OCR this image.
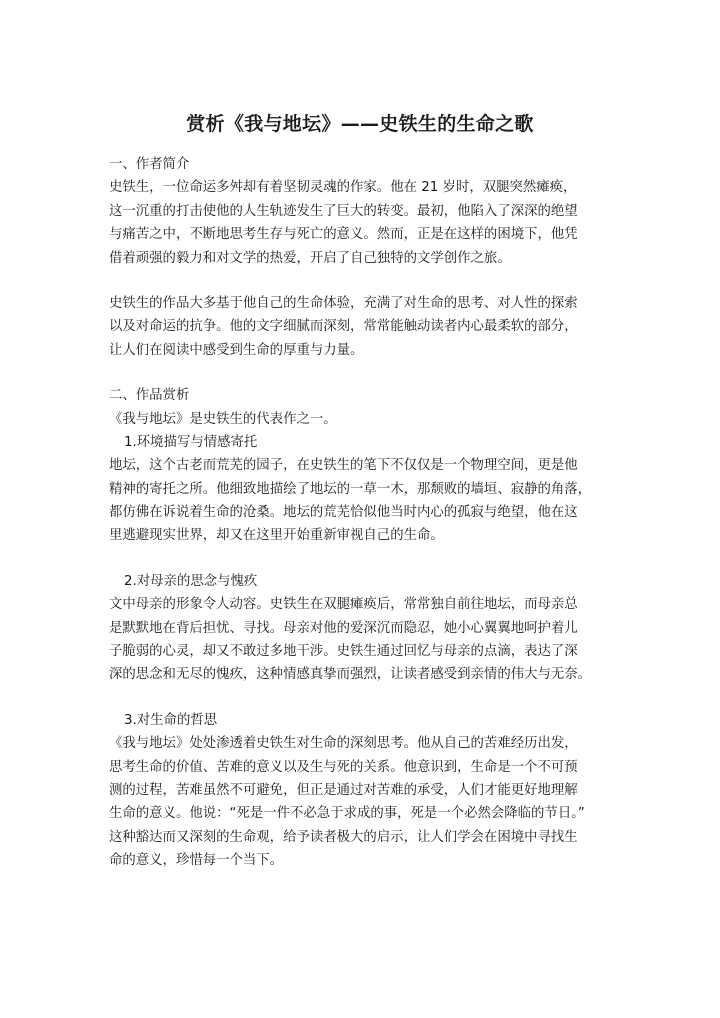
赏析《我与地坛》——史铁生的生命之歌
一、作者简介
史铁生，一位命运多舛却有着坚韧灵魂的作家。他在 21 岁时，双腿突然瘫痪，
这一沉重的打击使他的人生轨迹发生了巨大的转变。最初，他陷入了深深的绝望
与痛苦之中，不断地思考生存与死亡的意义。然而，正是在这样的困境下，他凭
借着顽强的毅力和对文学的热爱，开启了自己独特的文学创作之旅。
史铁生的作品大多基于他自己的生命体验，充满了对生命的思考、对人性的探索
以及对命运的抗争。他的文字细腻而深刻，常常能触动读者内心最柔软的部分，
让人们在阅读中感受到生命的厚重与力量。
二、作品赏析
《我与地坛》是史铁生的代表作之一。
1.环境描写与情感寄托
地坛，这个古老而荒芜的园子，在史铁生的笔下不仅仅是一个物理空间，更是他
精神的寄托之所。他细致地描绘了地坛的一草一木，那颓败的墙垣、寂静的角落，
都仿佛在诉说着生命的沧桑。地坛的荒芜恰似他当时内心的孤寂与绝望，他在这
里逃避现实世界，却又在这里开始重新审视自己的生命。
2.对母亲的思念与愧疚
文中母亲的形象令人动容。史铁生在双腿瘫痪后，常常独自前往地坛，而母亲总
是默默地在背后担忧、寻找。母亲对他的爱深沉而隐忍，她小心翼翼地呵护着儿
子脆弱的心灵，却又不敢过多地干涉。史铁生通过回忆与母亲的点滴，表达了深
深的思念和无尽的愧疚，这种情感真挚而强烈，让读者感受到亲情的伟大与无奈。
3.对生命的哲思
《我与地坛》处处渗透着史铁生对生命的深刻思考。他从自己的苦难经历出发，
思考生命的价值、苦难的意义以及生与死的关系。他意识到，生命是一个不可预
测的过程，苦难虽然不可避免，但正是通过对苦难的承受，人们才能更好地理解
生命的意义。他说：“死是一件不必急于求成的事，死是一个必然会降临的节日。”
这种豁达而又深刻的生命观，给予读者极大的启示，让人们学会在困境中寻找生
命的意义，珍惜每一个当下。
